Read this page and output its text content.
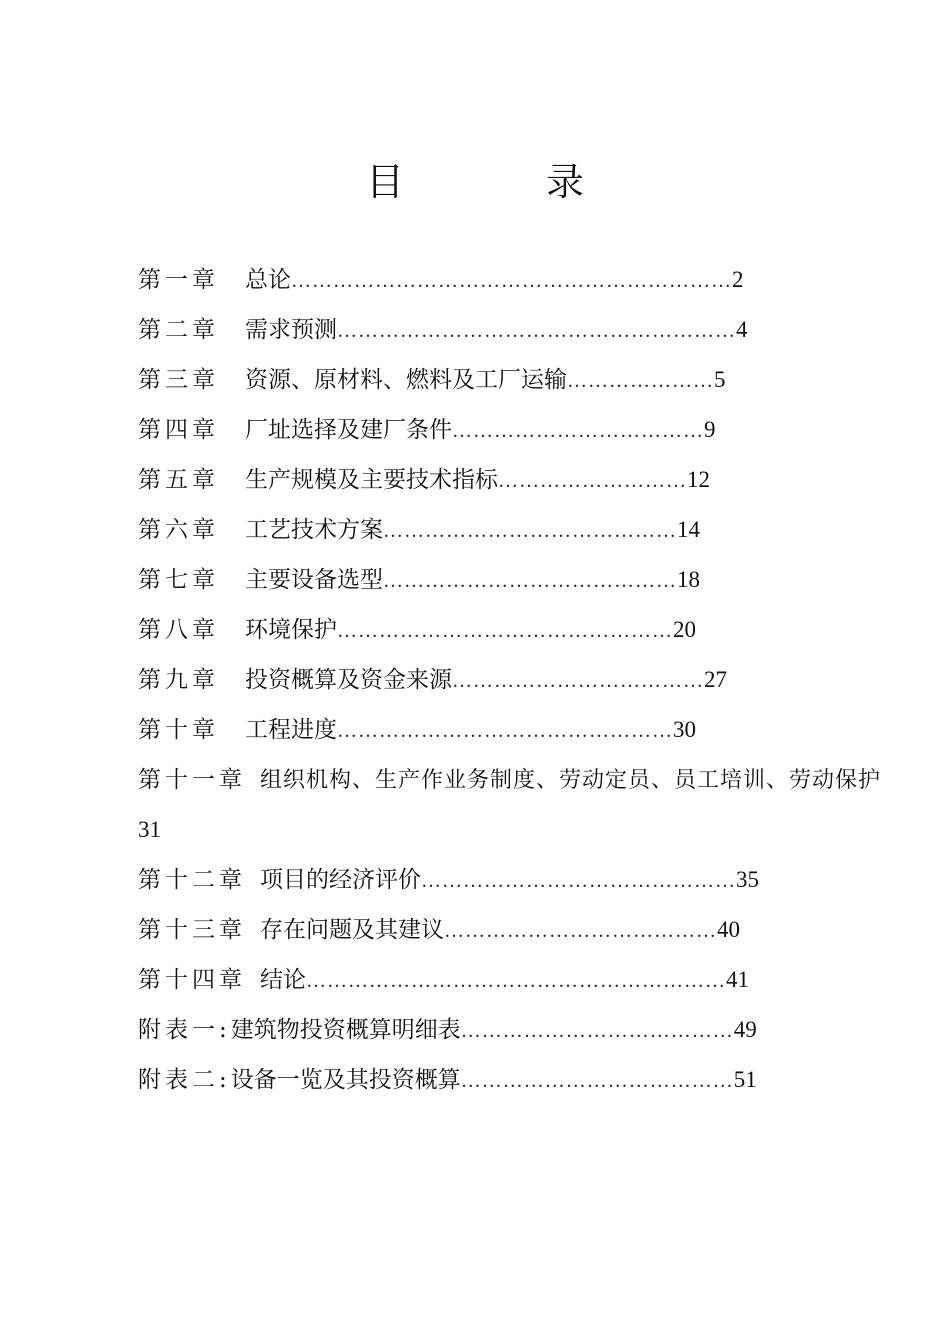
目　录
第一章 总论………………………………………………………2
第二章 需求预测…………………………………………………4
第三章 资源、原材料、燃料及工厂运输…………………5
第四章 厂址选择及建厂条件………………………………9
第五章 生产规模及主要技术指标………………………12
第六章 工艺技术方案……………………………………14
第七章 主要设备选型……………………………………18
第八章 环境保护…………………………………………20
第九章 投资概算及资金来源………………………………27
第十章 工程进度…………………………………………30
第十一章 组织机构、生产作业务制度、劳动定员、员工培训、劳动保护
31
第十二章 项目的经济评价………………………………………35
第十三章 存在问题及其建议…………………………………40
第十四章 结论……………………………………………………41
附表一:建筑物投资概算明细表…………………………………49
附表二:设备一览及其投资概算…………………………………51
